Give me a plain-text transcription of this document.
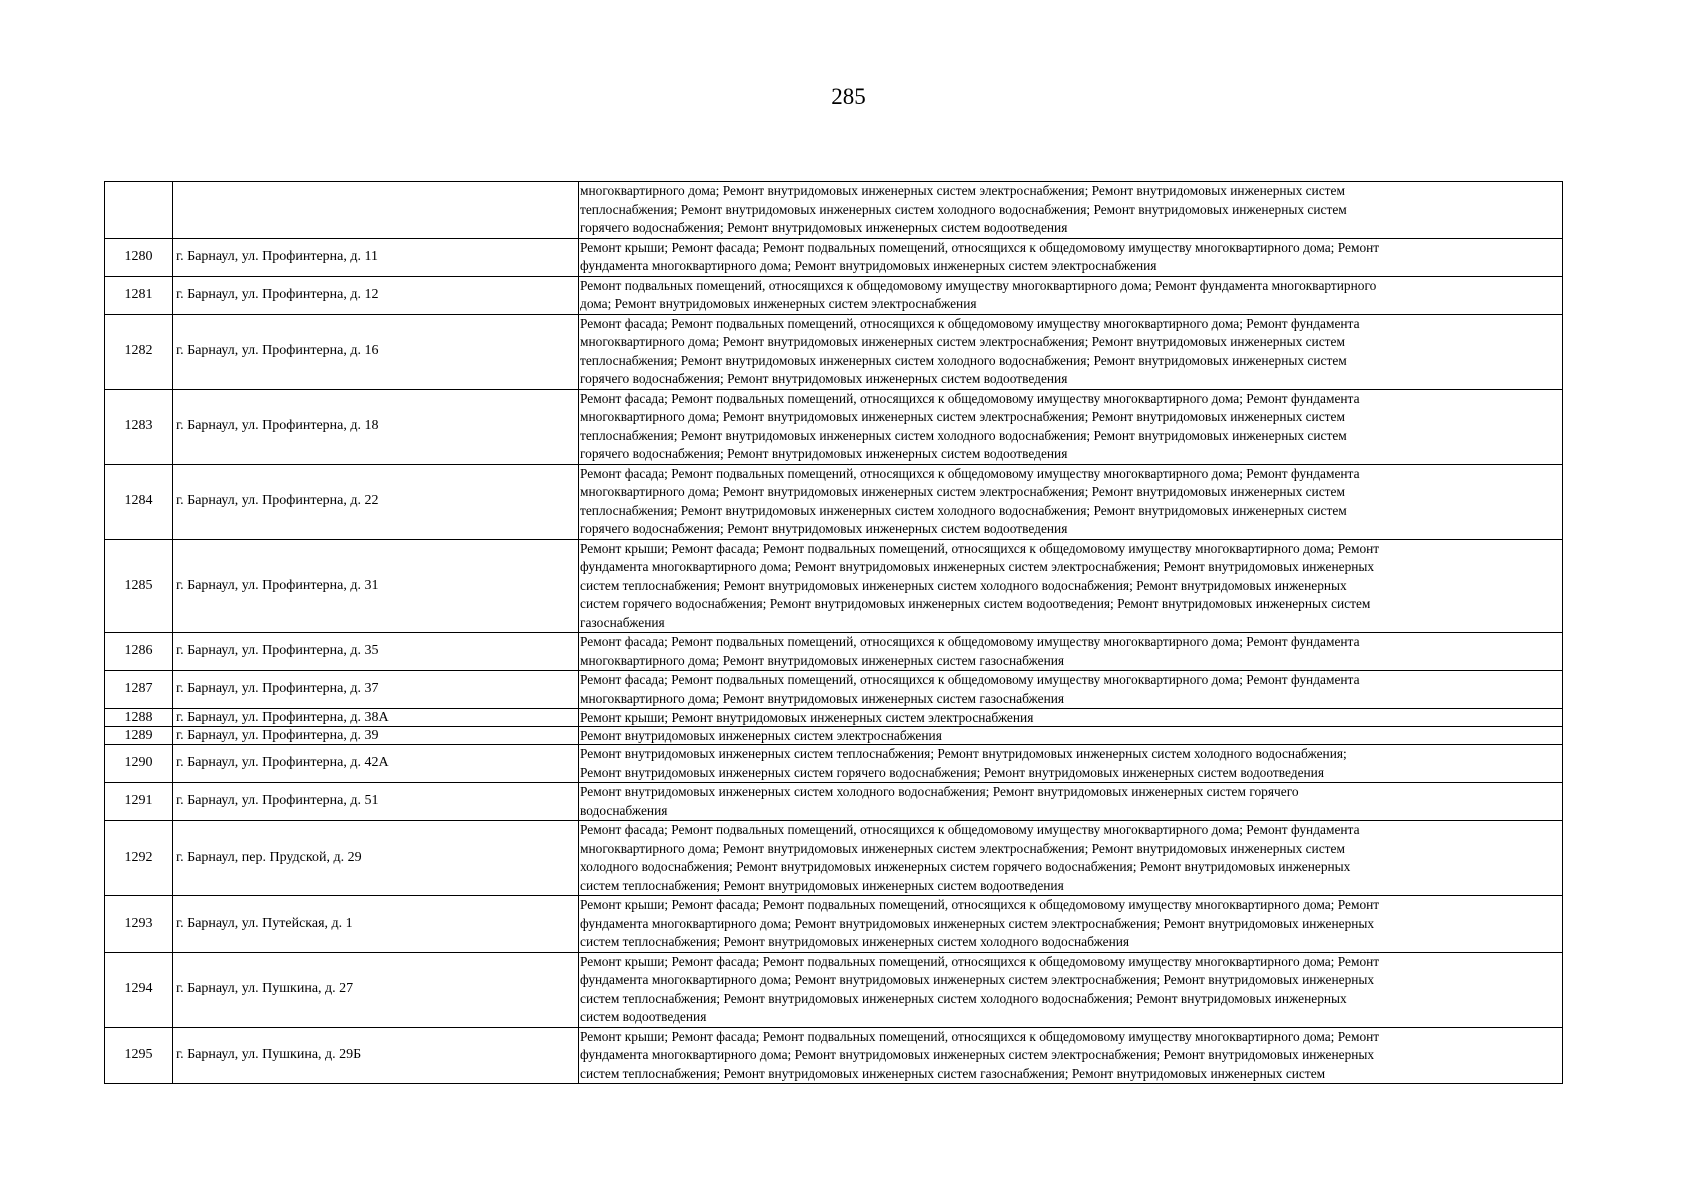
285

		многоквартирного дома; Ремонт внутридомовых инженерных систем электроснабжения; Ремонт внутридомовых инженерных систем
теплоснабжения; Ремонт внутридомовых инженерных систем холодного водоснабжения; Ремонт внутридомовых инженерных систем
горячего водоснабжения; Ремонт внутридомовых инженерных систем водоотведения

1280	г. Барнаул, ул. Профинтерна, д. 11	Ремонт крыши; Ремонт фасада; Ремонт подвальных помещений, относящихся к общедомовому имуществу многоквартирного дома; Ремонт
фундамента многоквартирного дома; Ремонт внутридомовых инженерных систем электроснабжения

1281	г. Барнаул, ул. Профинтерна, д. 12	Ремонт подвальных помещений, относящихся к общедомовому имуществу многоквартирного дома; Ремонт фундамента многоквартирного
дома; Ремонт внутридомовых инженерных систем электроснабжения

1282	г. Барнаул, ул. Профинтерна, д. 16	Ремонт фасада; Ремонт подвальных помещений, относящихся к общедомовому имуществу многоквартирного дома; Ремонт фундамента
многоквартирного дома; Ремонт внутридомовых инженерных систем электроснабжения; Ремонт внутридомовых инженерных систем
теплоснабжения; Ремонт внутридомовых инженерных систем холодного водоснабжения; Ремонт внутридомовых инженерных систем
горячего водоснабжения; Ремонт внутридомовых инженерных систем водоотведения

1283	г. Барнаул, ул. Профинтерна, д. 18	Ремонт фасада; Ремонт подвальных помещений, относящихся к общедомовому имуществу многоквартирного дома; Ремонт фундамента
многоквартирного дома; Ремонт внутридомовых инженерных систем электроснабжения; Ремонт внутридомовых инженерных систем
теплоснабжения; Ремонт внутридомовых инженерных систем холодного водоснабжения; Ремонт внутридомовых инженерных систем
горячего водоснабжения; Ремонт внутридомовых инженерных систем водоотведения

1284	г. Барнаул, ул. Профинтерна, д. 22	Ремонт фасада; Ремонт подвальных помещений, относящихся к общедомовому имуществу многоквартирного дома; Ремонт фундамента
многоквартирного дома; Ремонт внутридомовых инженерных систем электроснабжения; Ремонт внутридомовых инженерных систем
теплоснабжения; Ремонт внутридомовых инженерных систем холодного водоснабжения; Ремонт внутридомовых инженерных систем
горячего водоснабжения; Ремонт внутридомовых инженерных систем водоотведения

1285	г. Барнаул, ул. Профинтерна, д. 31	Ремонт крыши; Ремонт фасада; Ремонт подвальных помещений, относящихся к общедомовому имуществу многоквартирного дома; Ремонт
фундамента многоквартирного дома; Ремонт внутридомовых инженерных систем электроснабжения; Ремонт внутридомовых инженерных
систем теплоснабжения; Ремонт внутридомовых инженерных систем холодного водоснабжения; Ремонт внутридомовых инженерных
систем горячего водоснабжения; Ремонт внутридомовых инженерных систем водоотведения; Ремонт внутридомовых инженерных систем
газоснабжения

1286	г. Барнаул, ул. Профинтерна, д. 35	Ремонт фасада; Ремонт подвальных помещений, относящихся к общедомовому имуществу многоквартирного дома; Ремонт фундамента
многоквартирного дома; Ремонт внутридомовых инженерных систем газоснабжения

1287	г. Барнаул, ул. Профинтерна, д. 37	Ремонт фасада; Ремонт подвальных помещений, относящихся к общедомовому имуществу многоквартирного дома; Ремонт фундамента
многоквартирного дома; Ремонт внутридомовых инженерных систем газоснабжения

1288	г. Барнаул, ул. Профинтерна, д. 38А	Ремонт крыши; Ремонт внутридомовых инженерных систем электроснабжения

1289	г. Барнаул, ул. Профинтерна, д. 39	Ремонт внутридомовых инженерных систем электроснабжения

1290	г. Барнаул, ул. Профинтерна, д. 42А	Ремонт внутридомовых инженерных систем теплоснабжения; Ремонт внутридомовых инженерных систем холодного водоснабжения;
Ремонт внутридомовых инженерных систем горячего водоснабжения; Ремонт внутридомовых инженерных систем водоотведения

1291	г. Барнаул, ул. Профинтерна, д. 51	Ремонт внутридомовых инженерных систем холодного водоснабжения; Ремонт внутридомовых инженерных систем горячего
водоснабжения

1292	г. Барнаул, пер. Прудской, д. 29	Ремонт фасада; Ремонт подвальных помещений, относящихся к общедомовому имуществу многоквартирного дома; Ремонт фундамента
многоквартирного дома; Ремонт внутридомовых инженерных систем электроснабжения; Ремонт внутридомовых инженерных систем
холодного водоснабжения; Ремонт внутридомовых инженерных систем горячего водоснабжения; Ремонт внутридомовых инженерных
систем теплоснабжения; Ремонт внутридомовых инженерных систем водоотведения

1293	г. Барнаул, ул. Путейская, д. 1	Ремонт крыши; Ремонт фасада; Ремонт подвальных помещений, относящихся к общедомовому имуществу многоквартирного дома; Ремонт
фундамента многоквартирного дома; Ремонт внутридомовых инженерных систем электроснабжения; Ремонт внутридомовых инженерных
систем теплоснабжения; Ремонт внутридомовых инженерных систем холодного водоснабжения

1294	г. Барнаул, ул. Пушкина, д. 27	Ремонт крыши; Ремонт фасада; Ремонт подвальных помещений, относящихся к общедомовому имуществу многоквартирного дома; Ремонт
фундамента многоквартирного дома; Ремонт внутридомовых инженерных систем электроснабжения; Ремонт внутридомовых инженерных
систем теплоснабжения; Ремонт внутридомовых инженерных систем холодного водоснабжения; Ремонт внутридомовых инженерных
систем водоотведения

1295	г. Барнаул, ул. Пушкина, д. 29Б	Ремонт крыши; Ремонт фасада; Ремонт подвальных помещений, относящихся к общедомовому имуществу многоквартирного дома; Ремонт
фундамента многоквартирного дома; Ремонт внутридомовых инженерных систем электроснабжения; Ремонт внутридомовых инженерных
систем теплоснабжения; Ремонт внутридомовых инженерных систем газоснабжения; Ремонт внутридомовых инженерных систем
